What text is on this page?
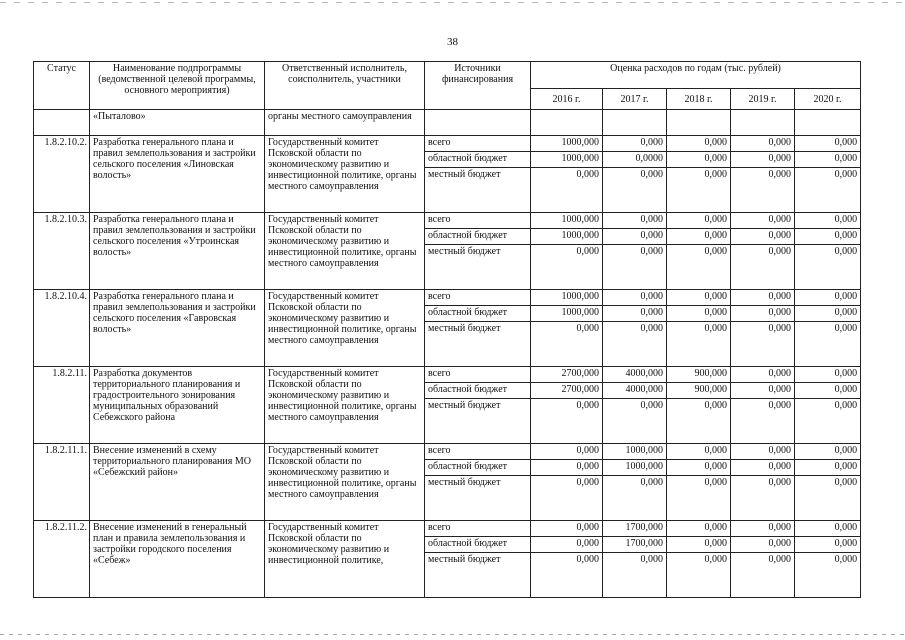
38
Статус	Наименование подпрограммы (ведомственной целевой программы, основного мероприятия)	Ответственный исполнитель, соисполнитель, участники	Источники финансирования	Оценка расходов по годам (тыс. рублей)				
				2016 г.	2017 г.	2018 г.	2019 г.	2020 г.
	«Пыталово»	органы местного самоуправления						
1.8.2.10.2.	Разработка генерального плана и правил землепользования и застройки сельского поселения «Линовская волость»	Государственный комитет Псковской области по экономическому развитию и инвестиционной политике, органы местного самоуправления	всего	1000,000	0,000	0,000	0,000	0,000
			областной бюджет	1000,000	0,0000	0,000	0,000	0,000
			местный бюджет	0,000	0,000	0,000	0,000	0,000
1.8.2.10.3.	Разработка генерального плана и правил землепользования и застройки сельского поселения «Утроинская волость»	Государственный комитет Псковской области по экономическому развитию и инвестиционной политике, органы местного самоуправления	всего	1000,000	0,000	0,000	0,000	0,000
			областной бюджет	1000,000	0,000	0,000	0,000	0,000
			местный бюджет	0,000	0,000	0,000	0,000	0,000
1.8.2.10.4.	Разработка генерального плана и правил землепользования и застройки сельского поселения «Гавровская волость»	Государственный комитет Псковской области по экономическому развитию и инвестиционной политике, органы местного самоуправления	всего	1000,000	0,000	0,000	0,000	0,000
			областной бюджет	1000,000	0,000	0,000	0,000	0,000
			местный бюджет	0,000	0,000	0,000	0,000	0,000
1.8.2.11.	Разработка документов территориального планирования и градостроительного зонирования муниципальных образований Себежского района	Государственный комитет Псковской области по экономическому развитию и инвестиционной политике, органы местного самоуправления	всего	2700,000	4000,000	900,000	0,000	0,000
			областной бюджет	2700,000	4000,000	900,000	0,000	0,000
			местный бюджет	0,000	0,000	0,000	0,000	0,000
1.8.2.11.1.	Внесение изменений в схему территориального планирования МО «Себежский район»	Государственный комитет Псковской области по экономическому развитию и инвестиционной политике, органы местного самоуправления	всего	0,000	1000,000	0,000	0,000	0,000
			областной бюджет	0,000	1000,000	0,000	0,000	0,000
			местный бюджет	0,000	0,000	0,000	0,000	0,000
1.8.2.11.2.	Внесение изменений в генеральный план и правила землепользования и застройки городского поселения «Себеж»	Государственный комитет Псковской области по экономическому развитию и инвестиционной политике,	всего	0,000	1700,000	0,000	0,000	0,000
			областной бюджет	0,000	1700,000	0,000	0,000	0,000
			местный бюджет	0,000	0,000	0,000	0,000	0,000
